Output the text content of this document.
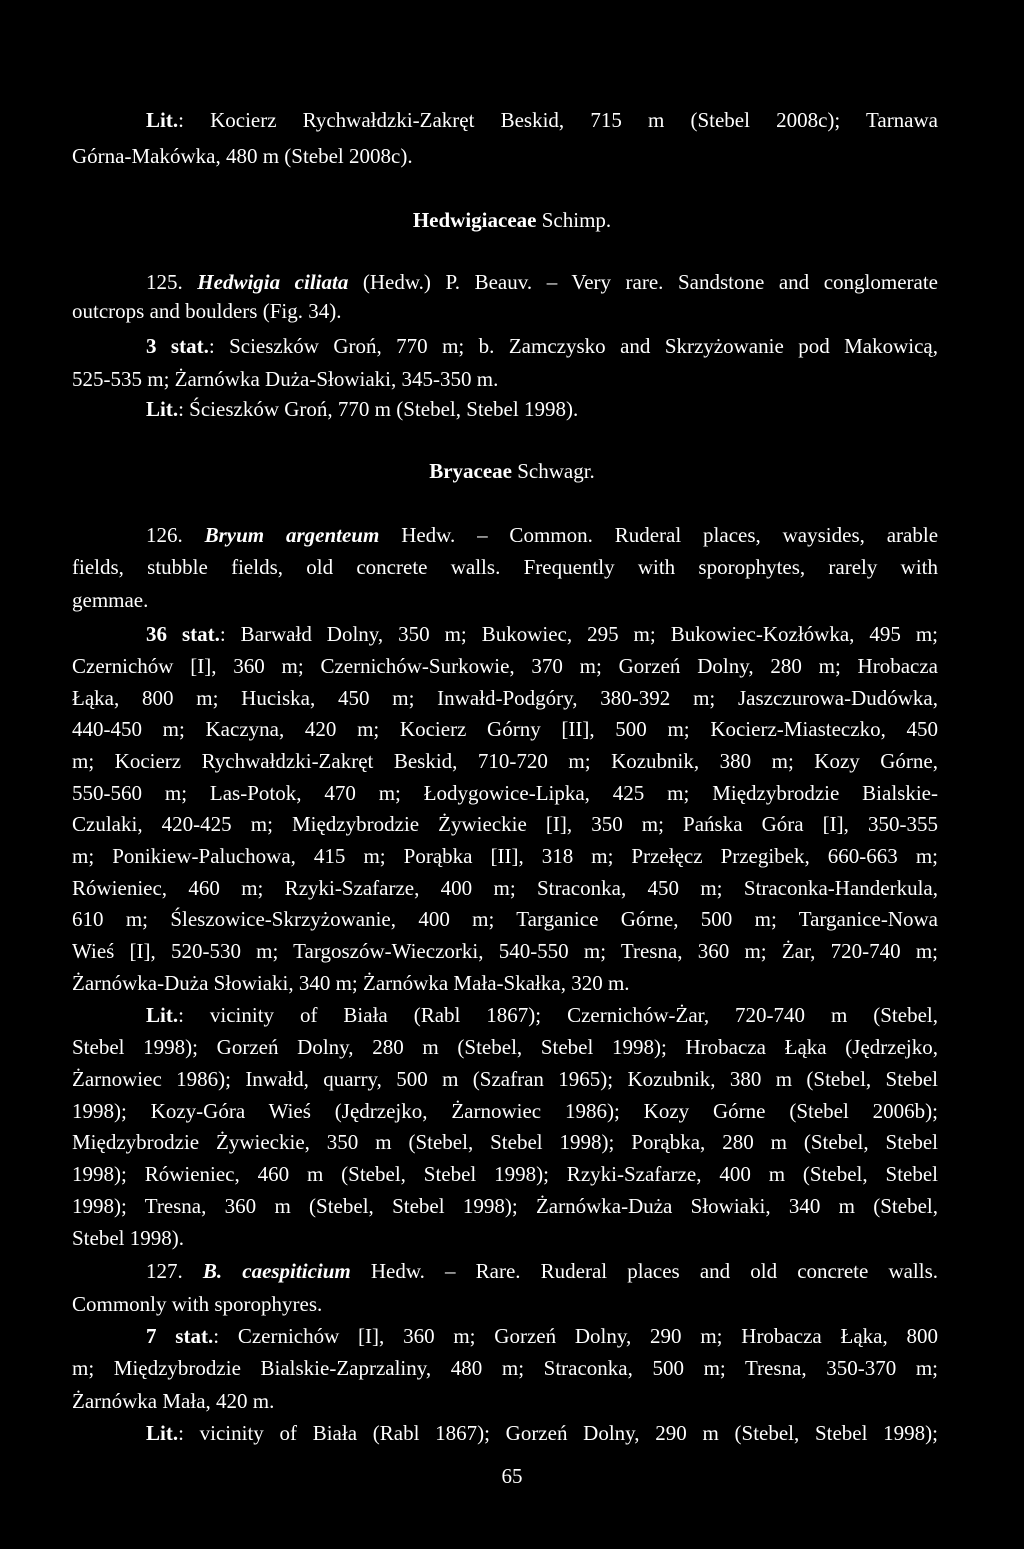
Lit.: Kocierz Rychwałdzki-Zakręt Beskid, 715 m (Stebel 2008c); Tarnawa
Górna-Makówka, 480 m (Stebel 2008c).
Hedwigiaceae Schimp.
125. Hedwigia ciliata (Hedw.) P. Beauv. – Very rare. Sandstone and conglomerate
outcrops and boulders (Fig. 34).
3 stat.: Scieszków Groń, 770 m; b. Zamczysko and Skrzyżowanie pod Makowicą,
525-535 m; Żarnówka Duża-Słowiaki, 345-350 m.
Lit.: Ścieszków Groń, 770 m (Stebel, Stebel 1998).
Bryaceae Schwagr.
126. Bryum argenteum Hedw. – Common. Ruderal places, waysides, arable
fields, stubble fields, old concrete walls. Frequently with sporophytes, rarely with
gemmae.
36 stat.: Barwałd Dolny, 350 m; Bukowiec, 295 m; Bukowiec-Kozłówka, 495 m;
Czernichów [I], 360 m; Czernichów-Surkowie, 370 m; Gorzeń Dolny, 280 m; Hrobacza
Łąka, 800 m; Huciska, 450 m; Inwałd-Podgóry, 380-392 m; Jaszczurowa-Dudówka,
440-450 m; Kaczyna, 420 m; Kocierz Górny [II], 500 m; Kocierz-Miasteczko, 450
m; Kocierz Rychwałdzki-Zakręt Beskid, 710-720 m; Kozubnik, 380 m; Kozy Górne,
550-560 m; Las-Potok, 470 m; Łodygowice-Lipka, 425 m; Międzybrodzie Bialskie-
Czulaki, 420-425 m; Międzybrodzie Żywieckie [I], 350 m; Pańska Góra [I], 350-355
m; Ponikiew-Paluchowa, 415 m; Porąbka [II], 318 m; Przełęcz Przegibek, 660-663 m;
Rówieniec, 460 m; Rzyki-Szafarze, 400 m; Straconka, 450 m; Straconka-Handerkula,
610 m; Śleszowice-Skrzyżowanie, 400 m; Targanice Górne, 500 m; Targanice-Nowa
Wieś [I], 520-530 m; Targoszów-Wieczorki, 540-550 m; Tresna, 360 m; Żar, 720-740 m;
Żarnówka-Duża Słowiaki, 340 m; Żarnówka Mała-Skałka, 320 m.
Lit.: vicinity of Biała (Rabl 1867); Czernichów-Żar, 720-740 m (Stebel,
Stebel 1998); Gorzeń Dolny, 280 m (Stebel, Stebel 1998); Hrobacza Łąka (Jędrzejko,
Żarnowiec 1986); Inwałd, quarry, 500 m (Szafran 1965); Kozubnik, 380 m (Stebel, Stebel
1998); Kozy-Góra Wieś (Jędrzejko, Żarnowiec 1986); Kozy Górne (Stebel 2006b);
Międzybrodzie Żywieckie, 350 m (Stebel, Stebel 1998); Porąbka, 280 m (Stebel, Stebel
1998); Rówieniec, 460 m (Stebel, Stebel 1998); Rzyki-Szafarze, 400 m (Stebel, Stebel
1998); Tresna, 360 m (Stebel, Stebel 1998); Żarnówka-Duża Słowiaki, 340 m (Stebel,
Stebel 1998).
127. B. caespiticium Hedw. – Rare. Ruderal places and old concrete walls.
Commonly with sporophyres.
7 stat.: Czernichów [I], 360 m; Gorzeń Dolny, 290 m; Hrobacza Łąka, 800
m; Międzybrodzie Bialskie-Zaprzaliny, 480 m; Straconka, 500 m; Tresna, 350-370 m;
Żarnówka Mała, 420 m.
Lit.: vicinity of Biała (Rabl 1867); Gorzeń Dolny, 290 m (Stebel, Stebel 1998);
65
